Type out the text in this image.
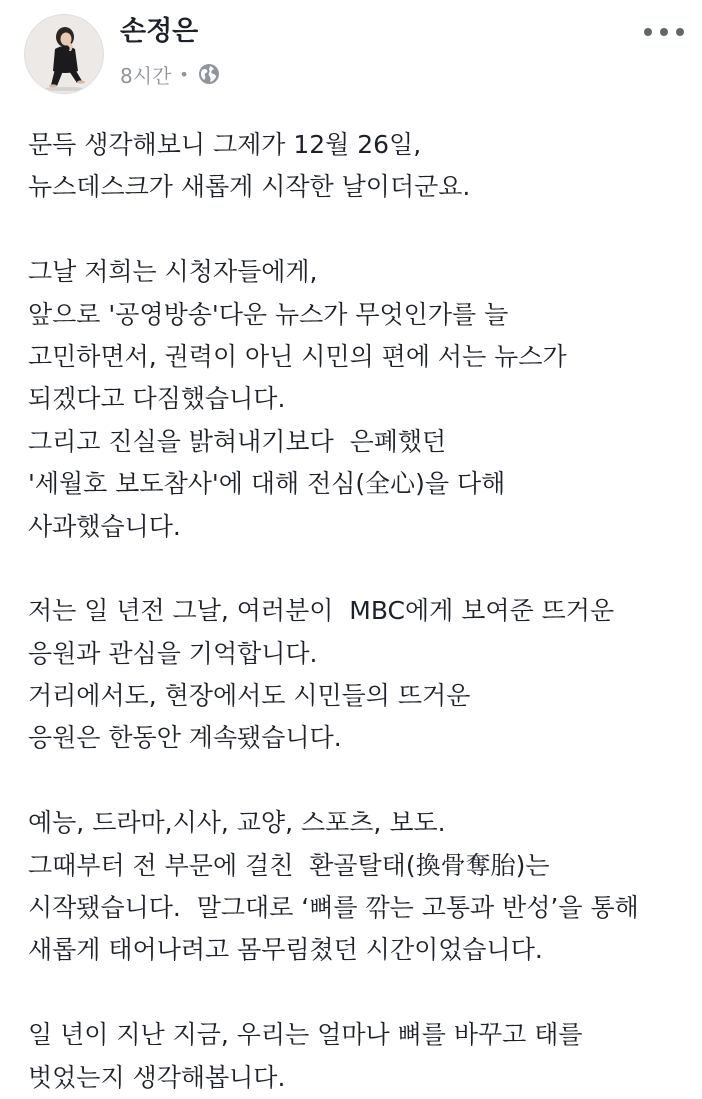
손정은
8시간 •
문득 생각해보니 그제가 12월 26일,
뉴스데스크가 새롭게 시작한 날이더군요.
그날 저희는 시청자들에게,
앞으로 '공영방송'다운 뉴스가 무엇인가를 늘
고민하면서, 권력이 아닌 시민의 편에 서는 뉴스가
되겠다고 다짐했습니다.
그리고 진실을 밝혀내기보다  은폐했던
'세월호 보도참사'에 대해 전심(全心)을 다해
사과했습니다.
저는 일 년전 그날, 여러분이  MBC에게 보여준 뜨거운
응원과 관심을 기억합니다.
거리에서도, 현장에서도 시민들의 뜨거운
응원은 한동안 계속됐습니다.
예능, 드라마,시사, 교양, 스포츠, 보도.
그때부터 전 부문에 걸친  환골탈태(換骨奪胎)는
시작됐습니다.  말그대로 ‘뼈를 깎는 고통과 반성’을 통해
새롭게 태어나려고 몸무림쳤던 시간이었습니다.
일 년이 지난 지금, 우리는 얼마나 뼈를 바꾸고 태를
벗었는지 생각해봅니다.
